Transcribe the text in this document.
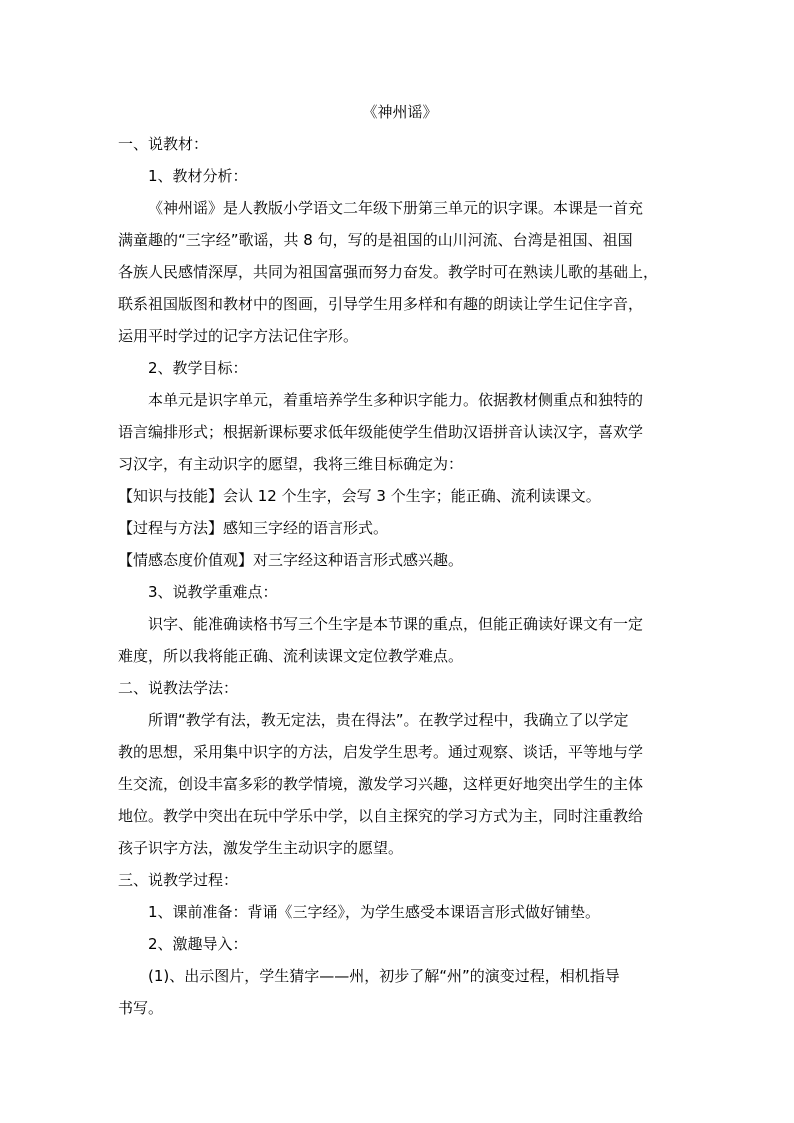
《神州谣》

一、说教材：

1、教材分析：

《神州谣》是人教版小学语文二年级下册第三单元的识字课。本课是一首充

满童趣的“三字经”歌谣，共 8 句，写的是祖国的山川河流、台湾是祖国、祖国

各族人民感情深厚，共同为祖国富强而努力奋发。教学时可在熟读儿歌的基础上，

联系祖国版图和教材中的图画，引导学生用多样和有趣的朗读让学生记住字音，

运用平时学过的记字方法记住字形。

2、教学目标：

本单元是识字单元，着重培养学生多种识字能力。依据教材侧重点和独特的

语言编排形式；根据新课标要求低年级能使学生借助汉语拼音认读汉字，喜欢学

习汉字，有主动识字的愿望，我将三维目标确定为：

【知识与技能】会认 12 个生字，会写 3 个生字；能正确、流利读课文。

【过程与方法】感知三字经的语言形式。

【情感态度价值观】对三字经这种语言形式感兴趣。

3、说教学重难点：

识字、能准确读格书写三个生字是本节课的重点，但能正确读好课文有一定

难度，所以我将能正确、流利读课文定位教学难点。

二、说教法学法：

所谓“教学有法，教无定法，贵在得法”。在教学过程中，我确立了以学定

教的思想，采用集中识字的方法，启发学生思考。通过观察、谈话，平等地与学

生交流，创设丰富多彩的教学情境，激发学习兴趣，这样更好地突出学生的主体

地位。教学中突出在玩中学乐中学，以自主探究的学习方式为主，同时注重教给

孩子识字方法，激发学生主动识字的愿望。

三、说教学过程：

1、课前准备：背诵《三字经》，为学生感受本课语言形式做好铺垫。

2、激趣导入：

(1)、出示图片，学生猜字——州，初步了解“州”的演变过程，相机指导

书写。
